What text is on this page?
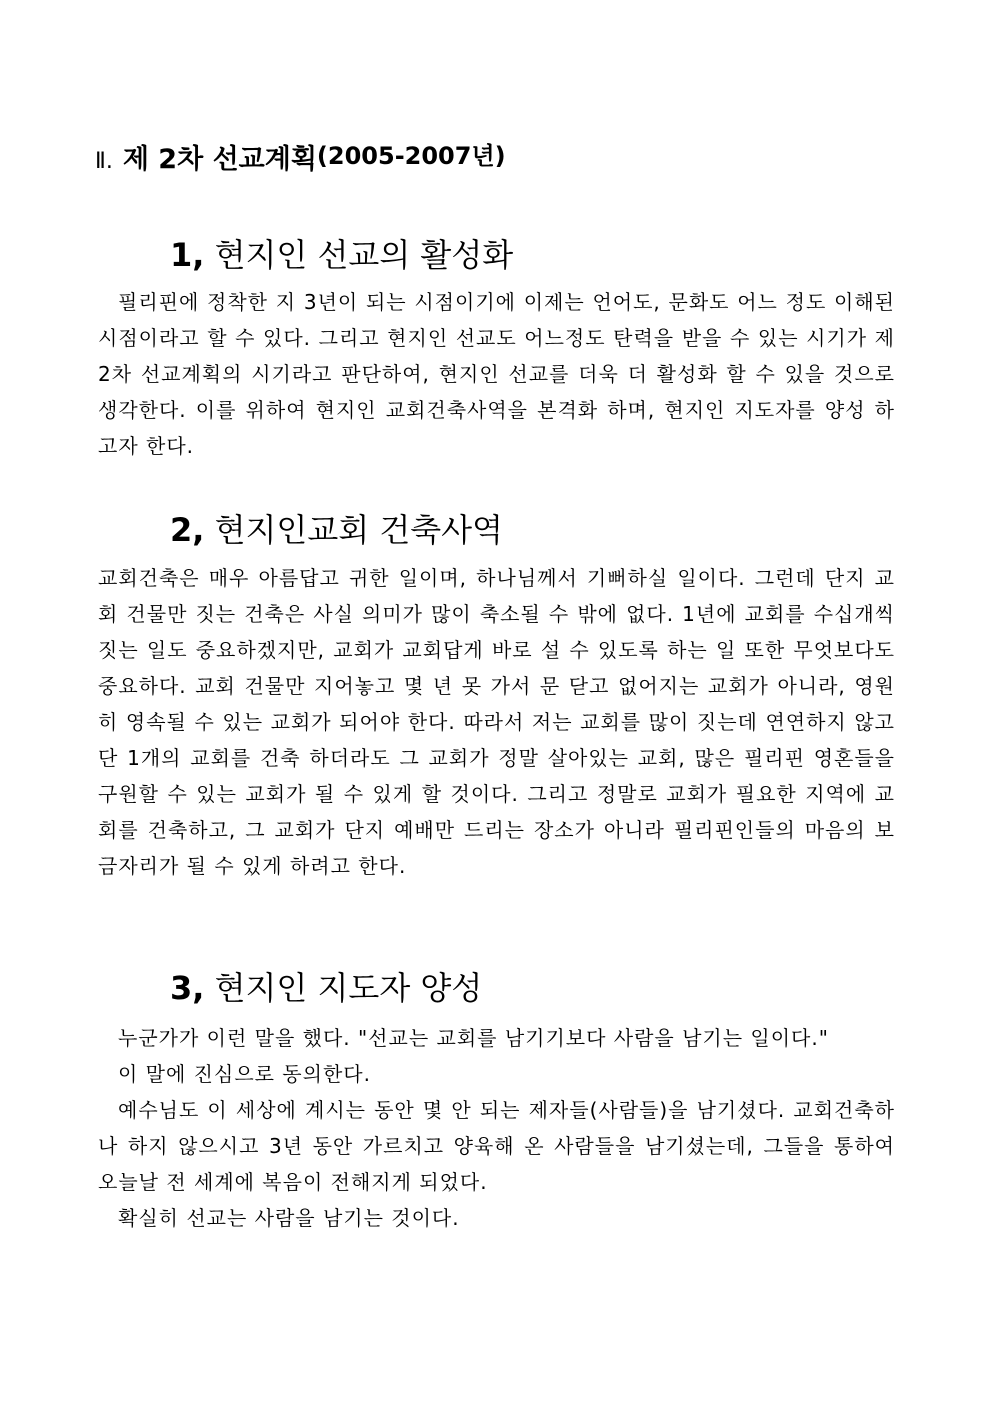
Ⅱ. 제 2차 선교계획(2005-2007년)
1, 현지인 선교의 활성화

필리핀에 정착한 지 3년이 되는 시점이기에 이제는 언어도, 문화도 어느 정도 이해된 시점이라고 할 수 있다. 그리고 현지인 선교도 어느정도 탄력을 받을 수 있는 시기가 제 2차 선교계획의 시기라고 판단하여, 현지인 선교를 더욱 더 활성화 할 수 있을 것으로 생각한다. 이를 위하여 현지인 교회건축사역을 본격화 하며, 현지인 지도자를 양성 하고자 한다.

2, 현지인교회 건축사역

교회건축은 매우 아름답고 귀한 일이며, 하나님께서 기뻐하실 일이다. 그런데 단지 교회 건물만 짓는 건축은 사실 의미가 많이 축소될 수 밖에 없다. 1년에 교회를 수십개씩 짓는 일도 중요하겠지만, 교회가 교회답게 바로 설 수 있도록 하는 일 또한 무엇보다도 중요하다. 교회 건물만 지어놓고 몇 년 못 가서 문 닫고 없어지는 교회가 아니라, 영원히 영속될 수 있는 교회가 되어야 한다. 따라서 저는 교회를 많이 짓는데 연연하지 않고 단 1개의 교회를 건축 하더라도 그 교회가 정말 살아있는 교회, 많은 필리핀 영혼들을 구원할 수 있는 교회가 될 수 있게 할 것이다. 그리고 정말로 교회가 필요한 지역에 교회를 건축하고, 그 교회가 단지 예배만 드리는 장소가 아니라 필리핀인들의 마음의 보금자리가 될 수 있게 하려고 한다.

3, 현지인 지도자 양성

누군가가 이런 말을 했다. "선교는 교회를 남기기보다 사람을 남기는 일이다."

이 말에 진심으로 동의한다.

예수님도 이 세상에 계시는 동안 몇 안 되는 제자들(사람들)을 남기셨다. 교회건축하나 하지 않으시고 3년 동안 가르치고 양육해 온 사람들을 남기셨는데, 그들을 통하여 오늘날 전 세계에 복음이 전해지게 되었다.

확실히 선교는 사람을 남기는 것이다.
